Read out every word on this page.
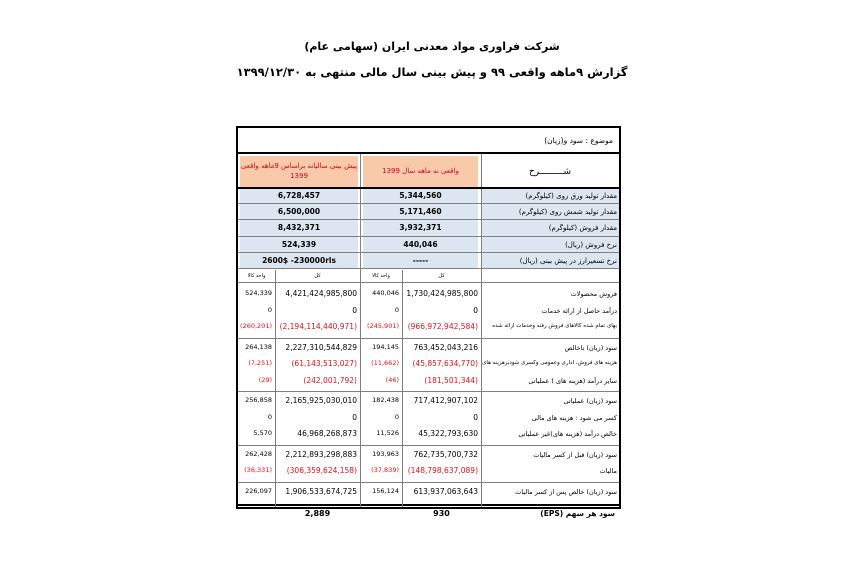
شرکت فراوری مواد معدنی ایران (سهامی عام)
گزارش ۹ماهه واقعی ۹۹ و پیش بینی سال مالی منتهی به ۱۳۹۹/۱۲/۳۰
موضوع : سود و(زیان)
پیش بینی سالیانه براساس 9ماهه واقعی 1399
واقعی نه ماهه سال 1399	شـــــــــرح
6,728,457	5,344,560	مقدار تولید ورق روی (کیلوگرم)
6,500,000	5,171,460	مقدار تولید شمش روی (کیلوگرم)
8,432,371	3,932,371	مقدار فروش (کیلوگرم)
524,339	440,046	نرخ فروش (ریال)
2600$ -230000rls	-----	نرخ تسعیرارز در پیش بینی (ریال)
واحد کالا	کل	واحد کالا	کل
524,339	4,421,424,985,800	440,046 1,730,424,985,800	فروش محصولات
0	0	0	0	درآمد حاصل از ارائه خدمات
(260,201)	(2,194,114,440,971)	(245,901)	(966,972,942,584)	بهای تمام شده کالاهای فروش رفته وخدمات ارائه شده
264,138	2,227,310,544,829	194,145	763,452,043,216	سود (زیان) ناخالص
(7,251)	(61,143,513,027)	(11,662)	(45,857,634,770) هزینه های فروش، اداری وعمومی وکسری شودبرهزینه های
(29)	(242,001,792)	(46)	(181,501,344)	سایر درآمد (هزینه های ) عملیاتی
256,858	2,165,925,030,010	182,438	717,412,907,102	سود (زیان) عملیاتی
0	0	0	0	کسر می شود : هزینه های مالی
5,570	46,968,268,873	11,526	45,322,793,630	خالص درآمد (هزینه های)غیر عملیاتی
262,428	2,212,893,298,883	193,963	762,735,700,732	سود (زیان) قبل از کسر مالیات
(36,331)	(306,359,624,158)	(37,839)	(148,798,637,089)	مالیات
226,097	1,906,533,674,725	156,124	613,937,063,643	سود (زیان) خالص پس از کسر مالیات
2,889	930	سود هر سهم (EPS)
